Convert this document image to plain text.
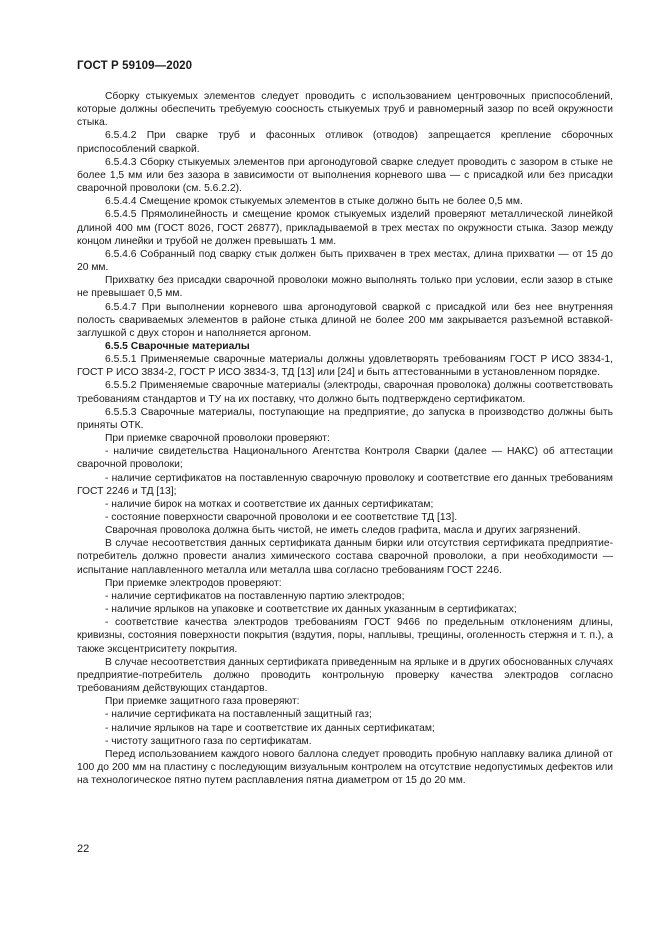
ГОСТ Р 59109—2020

Сборку стыкуемых элементов следует проводить с использованием центровочных приспособлений, которые должны обеспечить требуемую соосность стыкуемых труб и равномерный зазор по всей окружности стыка.

6.5.4.2 При сварке труб и фасонных отливок (отводов) запрещается крепление сборочных приспособлений сваркой.

6.5.4.3 Сборку стыкуемых элементов при аргонодуговой сварке следует проводить с зазором в стыке не более 1,5 мм или без зазора в зависимости от выполнения корневого шва — с присадкой или без присадки сварочной проволоки (см. 5.6.2.2).

6.5.4.4 Смещение кромок стыкуемых элементов в стыке должно быть не более 0,5 мм.

6.5.4.5 Прямолинейность и смещение кромок стыкуемых изделий проверяют металлической линейкой длиной 400 мм (ГОСТ 8026, ГОСТ 26877), прикладываемой в трех местах по окружности стыка. Зазор между концом линейки и трубой не должен превышать 1 мм.

6.5.4.6 Собранный под сварку стык должен быть прихвачен в трех местах, длина прихватки — от 15 до 20 мм.

Прихватку без присадки сварочной проволоки можно выполнять только при условии, если зазор в стыке не превышает 0,5 мм.

6.5.4.7 При выполнении корневого шва аргонодуговой сваркой с присадкой или без нее внутренняя полость свариваемых элементов в районе стыка длиной не более 200 мм закрывается разъемной вставкой-заглушкой с двух сторон и наполняется аргоном.

6.5.5 Сварочные материалы

6.5.5.1 Применяемые сварочные материалы должны удовлетворять требованиям ГОСТ Р ИСО 3834-1, ГОСТ Р ИСО 3834-2, ГОСТ Р ИСО 3834-3, ТД [13] или [24] и быть аттестованными в установленном порядке.

6.5.5.2 Применяемые сварочные материалы (электроды, сварочная проволока) должны соответствовать требованиям стандартов и ТУ на их поставку, что должно быть подтверждено сертификатом.

6.5.5.3 Сварочные материалы, поступающие на предприятие, до запуска в производство должны быть приняты ОТК.

При приемке сварочной проволоки проверяют:

- наличие свидетельства Национального Агентства Контроля Сварки (далее — НАКС) об аттестации сварочной проволоки;

- наличие сертификатов на поставленную сварочную проволоку и соответствие его данных требованиям ГОСТ 2246 и ТД [13];

- наличие бирок на мотках и соответствие их данных сертификатам;

- состояние поверхности сварочной проволоки и ее соответствие ТД [13].

Сварочная проволока должна быть чистой, не иметь следов графита, масла и других загрязнений.

В случае несоответствия данных сертификата данным бирки или отсутствия сертификата предприятие-потребитель должно провести анализ химического состава сварочной проволоки, а при необходимости — испытание наплавленного металла или металла шва согласно требованиям ГОСТ 2246.

При приемке электродов проверяют:

- наличие сертификатов на поставленную партию электродов;

- наличие ярлыков на упаковке и соответствие их данных указанным в сертификатах;

- соответствие качества электродов требованиям ГОСТ 9466 по предельным отклонениям длины, кривизны, состояния поверхности покрытия (вздутия, поры, наплывы, трещины, оголенность стержня и т. п.), а также эксцентриситету покрытия.

В случае несоответствия данных сертификата приведенным на ярлыке и в других обоснованных случаях предприятие-потребитель должно проводить контрольную проверку качества электродов согласно требованиям действующих стандартов.

При приемке защитного газа проверяют:

- наличие сертификата на поставленный защитный газ;

- наличие ярлыков на таре и соответствие их данных сертификатам;

- чистоту защитного газа по сертификатам.

Перед использованием каждого нового баллона следует проводить пробную наплавку валика длиной от 100 до 200 мм на пластину с последующим визуальным контролем на отсутствие недопустимых дефектов или на технологическое пятно путем расплавления пятна диаметром от 15 до 20 мм.

22
